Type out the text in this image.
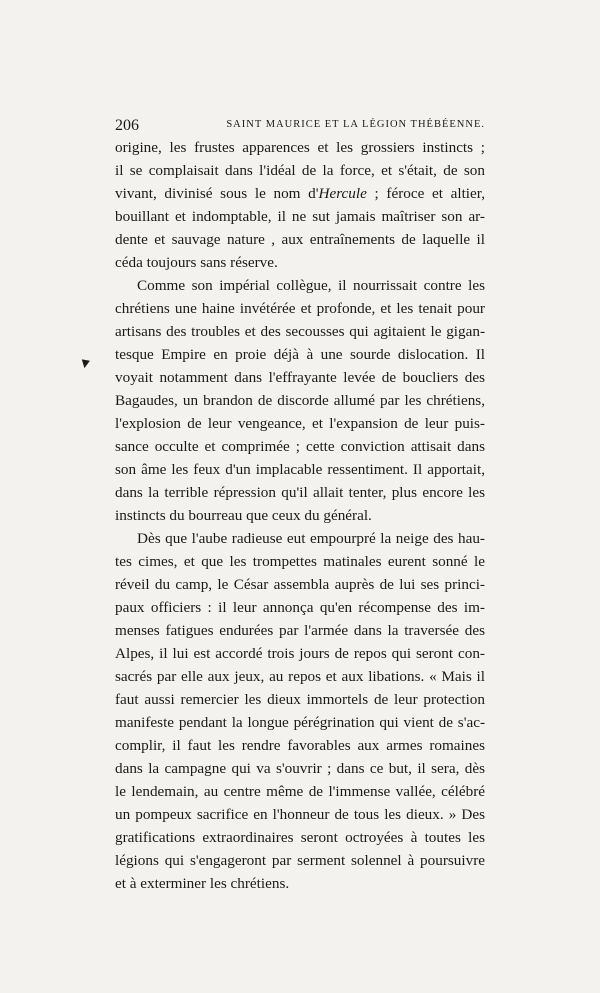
206	SAINT MAURICE ET LA LÉGION THÉBÉENNE.
▼
origine, les frustes apparences et les grossiers instincts ;
il se complaisait dans l'idéal de la force, et s'était, de son
vivant, divinisé sous le nom d'Hercule ; féroce et altier,
bouillant et indomptable, il ne sut jamais maîtriser son ar-
dente et sauvage nature , aux entraînements de laquelle il
céda toujours sans réserve.
Comme son impérial collègue, il nourrissait contre les
chrétiens une haine invétérée et profonde, et les tenait pour
artisans des troubles et des secousses qui agitaient le gigan-
tesque Empire en proie déjà à une sourde dislocation. Il
voyait notamment dans l'effrayante levée de boucliers des
Bagaudes, un brandon de discorde allumé par les chrétiens,
l'explosion de leur vengeance, et l'expansion de leur puis-
sance occulte et comprimée ; cette conviction attisait dans
son âme les feux d'un implacable ressentiment. Il apportait,
dans la terrible répression qu'il allait tenter, plus encore les
instincts du bourreau que ceux du général.
Dès que l'aube radieuse eut empourpré la neige des hau-
tes cimes, et que les trompettes matinales eurent sonné le
réveil du camp, le César assembla auprès de lui ses princi-
paux officiers : il leur annonça qu'en récompense des im-
menses fatigues endurées par l'armée dans la traversée des
Alpes, il lui est accordé trois jours de repos qui seront con-
sacrés par elle aux jeux, au repos et aux libations. « Mais il
faut aussi remercier les dieux immortels de leur protection
manifeste pendant la longue pérégrination qui vient de s'ac-
complir, il faut les rendre favorables aux armes romaines
dans la campagne qui va s'ouvrir ; dans ce but, il sera, dès
le lendemain, au centre même de l'immense vallée, célébré
un pompeux sacrifice en l'honneur de tous les dieux. » Des
gratifications extraordinaires seront octroyées à toutes les
légions qui s'engageront par serment solennel à poursuivre
et à exterminer les chrétiens.
